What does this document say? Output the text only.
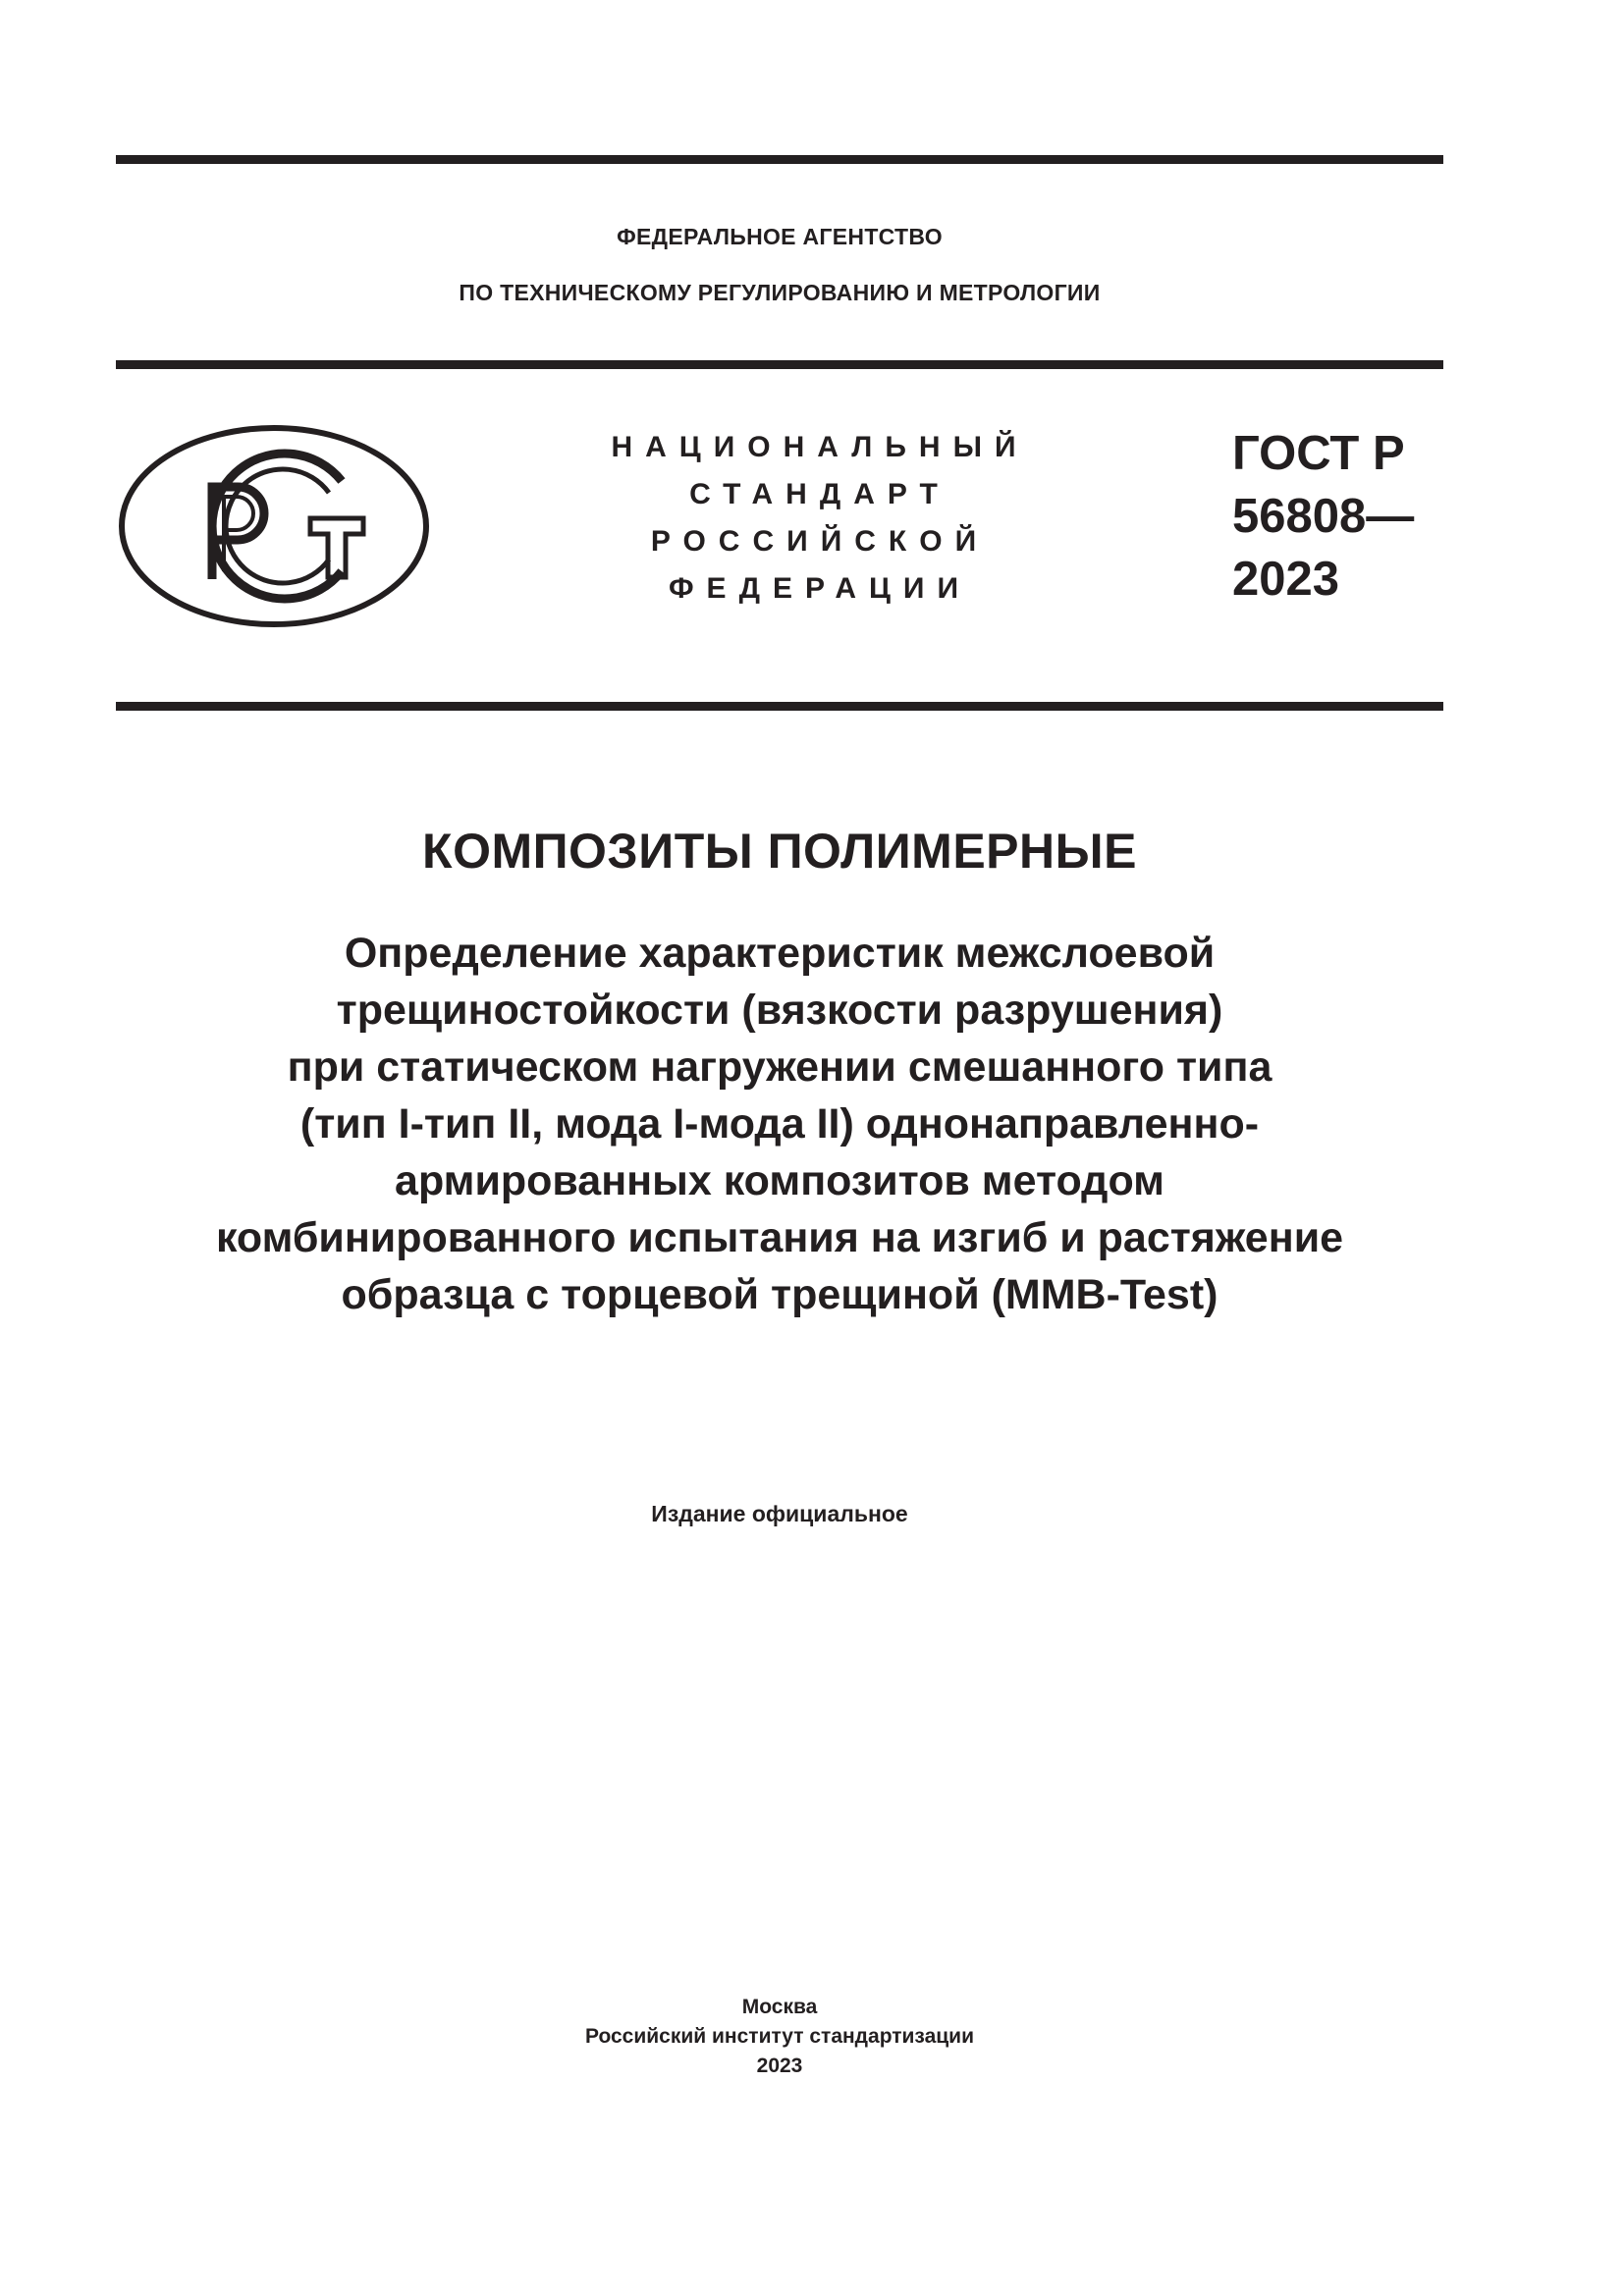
ФЕДЕРАЛЬНОЕ АГЕНТСТВО
ПО ТЕХНИЧЕСКОМУ РЕГУЛИРОВАНИЮ И МЕТРОЛОГИИ
НАЦИОНАЛЬНЫЙ
СТАНДАРТ
РОССИЙСКОЙ
ФЕДЕРАЦИИ
ГОСТ Р
56808—
2023
КОМПОЗИТЫ ПОЛИМЕРНЫЕ
Определение характеристик межслоевой
трещиностойкости (вязкости разрушения)
при статическом нагружении смешанного типа
(тип I-тип II, мода I-мода II) однонаправленно-
армированных композитов методом
комбинированного испытания на изгиб и растяжение
образца с торцевой трещиной (MMB-Test)
Издание официальное
Москва
Российский институт стандартизации
2023
